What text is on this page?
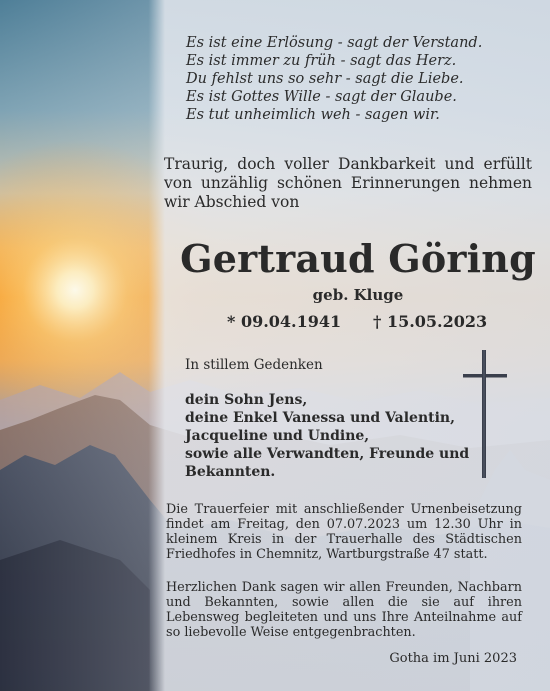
Es ist eine Erlösung - sagt der Verstand.
Es ist immer zu früh - sagt das Herz.
Du fehlst uns so sehr - sagt die Liebe.
Es ist Gottes Wille - sagt der Glaube.
Es tut unheimlich weh - sagen wir.
Traurig, doch voller Dankbarkeit und erfüllt von unzählig schönen Erinnerungen nehmen wir Abschied von
Gertraud Göring
geb. Kluge
* 09.04.1941 † 15.05.2023
In stillem Gedenken
dein Sohn Jens,
deine Enkel Vanessa und Valentin,
Jacqueline und Undine,
sowie alle Verwandten, Freunde und
Bekannten.
Die Trauerfeier mit anschließender Urnenbeisetzung findet am Freitag, den 07.07.2023 um 12.30 Uhr in kleinem Kreis in der Trauerhalle des Städtischen Friedhofes in Chemnitz, Wartburgstraße 47 statt.
Herzlichen Dank sagen wir allen Freunden, Nachbarn und Bekannten, sowie allen die sie auf ihren Lebensweg begleiteten und uns Ihre Anteilnahme auf so liebevolle Weise entgegenbrachten.
Gotha im Juni 2023
